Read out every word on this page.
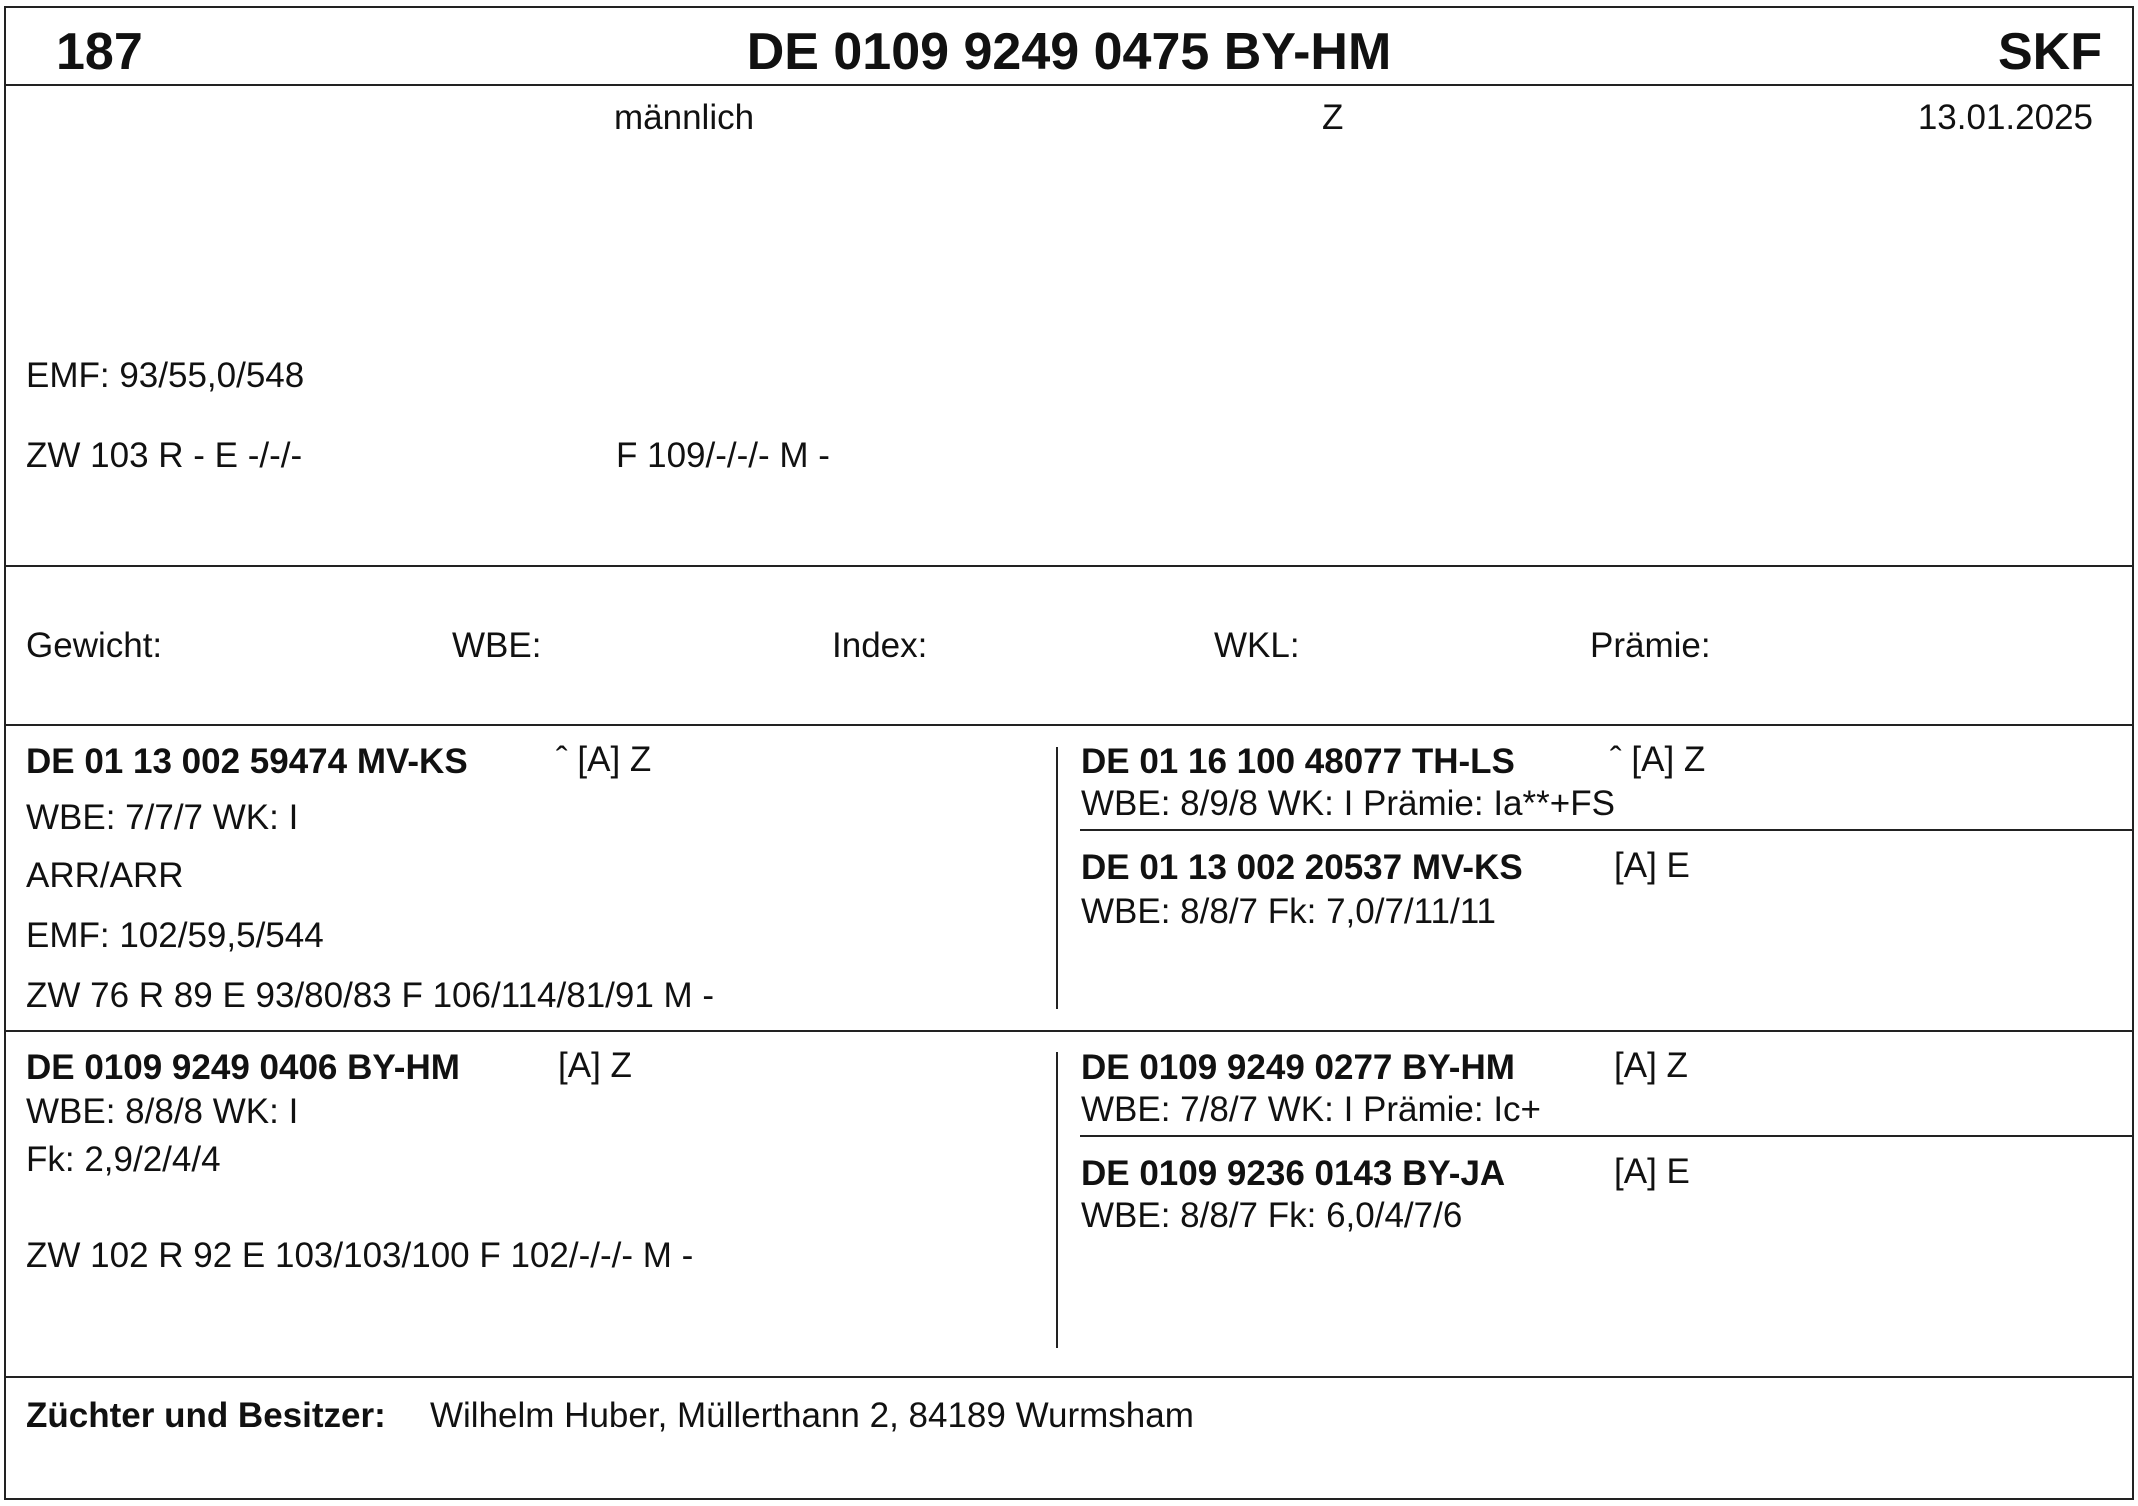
187	DE 0109 9249 0475 BY-HM	SKF
männlich	Z	13.01.2025
EMF: 93/55,0/548
ZW 103 R - E -/-/-	F 109/-/-/- M -
Gewicht:	WBE:	Index:	WKL:	Prämie:
DE 01 13 002 59474 MV-KS	ˆ [A] Z
WBE: 7/7/7 WK: I
ARR/ARR
EMF: 102/59,5/544
ZW 76 R 89 E 93/80/83 F 106/114/81/91 M -
DE 01 16 100 48077 TH-LS	ˆ [A] Z
WBE: 8/9/8 WK: I Prämie: Ia**+FS
DE 01 13 002 20537 MV-KS	[A] E
WBE: 8/8/7 Fk: 7,0/7/11/11
DE 0109 9249 0406 BY-HM	[A] Z
WBE: 8/8/8 WK: I
Fk: 2,9/2/4/4
ZW 102 R 92 E 103/103/100 F 102/-/-/- M -
DE 0109 9249 0277 BY-HM	[A] Z
WBE: 7/8/7 WK: I Prämie: Ic+
DE 0109 9236 0143 BY-JA	[A] E
WBE: 8/8/7 Fk: 6,0/4/7/6
Züchter und Besitzer: Wilhelm Huber, Müllerthann 2, 84189 Wurmsham
